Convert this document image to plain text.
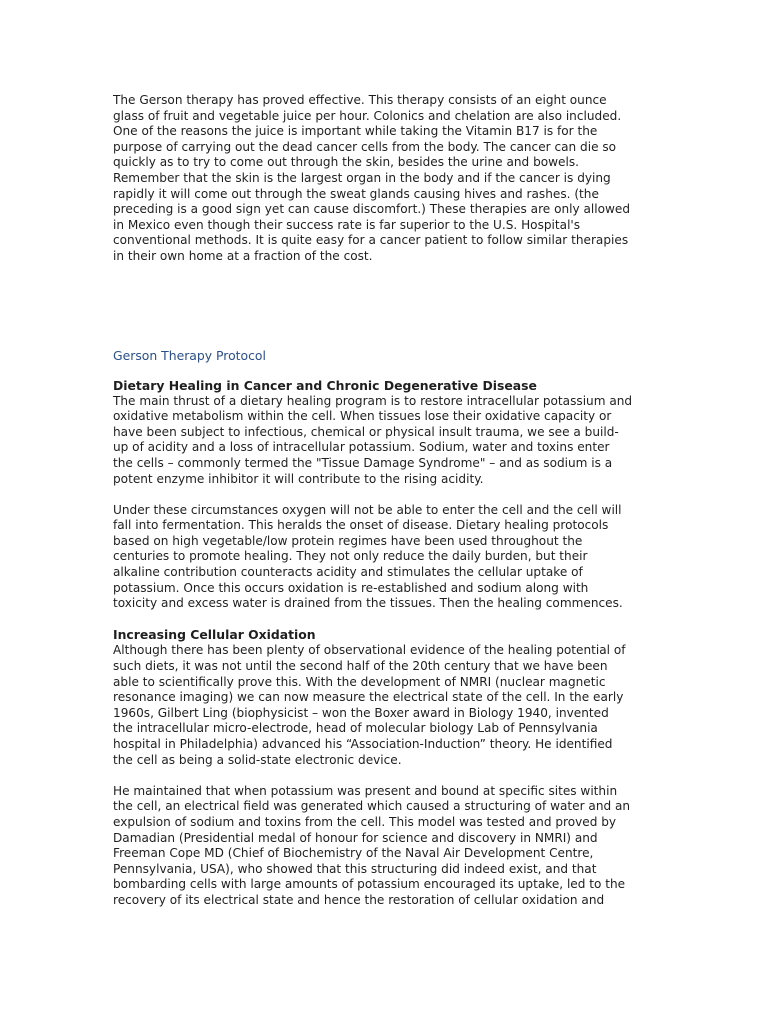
The Gerson therapy has proved effective. This therapy consists of an eight ounce
glass of fruit and vegetable juice per hour. Colonics and chelation are also included.
One of the reasons the juice is important while taking the Vitamin B17 is for the
purpose of carrying out the dead cancer cells from the body. The cancer can die so
quickly as to try to come out through the skin, besides the urine and bowels.
Remember that the skin is the largest organ in the body and if the cancer is dying
rapidly it will come out through the sweat glands causing hives and rashes. (the
preceding is a good sign yet can cause discomfort.) These therapies are only allowed
in Mexico even though their success rate is far superior to the U.S. Hospital's
conventional methods. It is quite easy for a cancer patient to follow similar therapies
in their own home at a fraction of the cost.

Gerson Therapy Protocol
Dietary Healing in Cancer and Chronic Degenerative Disease

The main thrust of a dietary healing program is to restore intracellular potassium and
oxidative metabolism within the cell. When tissues lose their oxidative capacity or
have been subject to infectious, chemical or physical insult trauma, we see a build-
up of acidity and a loss of intracellular potassium. Sodium, water and toxins enter
the cells – commonly termed the "Tissue Damage Syndrome" – and as sodium is a
potent enzyme inhibitor it will contribute to the rising acidity.

Under these circumstances oxygen will not be able to enter the cell and the cell will
fall into fermentation. This heralds the onset of disease. Dietary healing protocols
based on high vegetable/low protein regimes have been used throughout the
centuries to promote healing. They not only reduce the daily burden, but their
alkaline contribution counteracts acidity and stimulates the cellular uptake of
potassium. Once this occurs oxidation is re-established and sodium along with
toxicity and excess water is drained from the tissues. Then the healing commences.

Increasing Cellular Oxidation

Although there has been plenty of observational evidence of the healing potential of
such diets, it was not until the second half of the 20th century that we have been
able to scientifically prove this. With the development of NMRI (nuclear magnetic
resonance imaging) we can now measure the electrical state of the cell. In the early
1960s, Gilbert Ling (biophysicist – won the Boxer award in Biology 1940, invented
the intracellular micro-electrode, head of molecular biology Lab of Pennsylvania
hospital in Philadelphia) advanced his “Association-Induction” theory. He identified
the cell as being a solid-state electronic device.

He maintained that when potassium was present and bound at specific sites within
the cell, an electrical field was generated which caused a structuring of water and an
expulsion of sodium and toxins from the cell. This model was tested and proved by
Damadian (Presidential medal of honour for science and discovery in NMRI) and
Freeman Cope MD (Chief of Biochemistry of the Naval Air Development Centre,
Pennsylvania, USA), who showed that this structuring did indeed exist, and that
bombarding cells with large amounts of potassium encouraged its uptake, led to the
recovery of its electrical state and hence the restoration of cellular oxidation and
